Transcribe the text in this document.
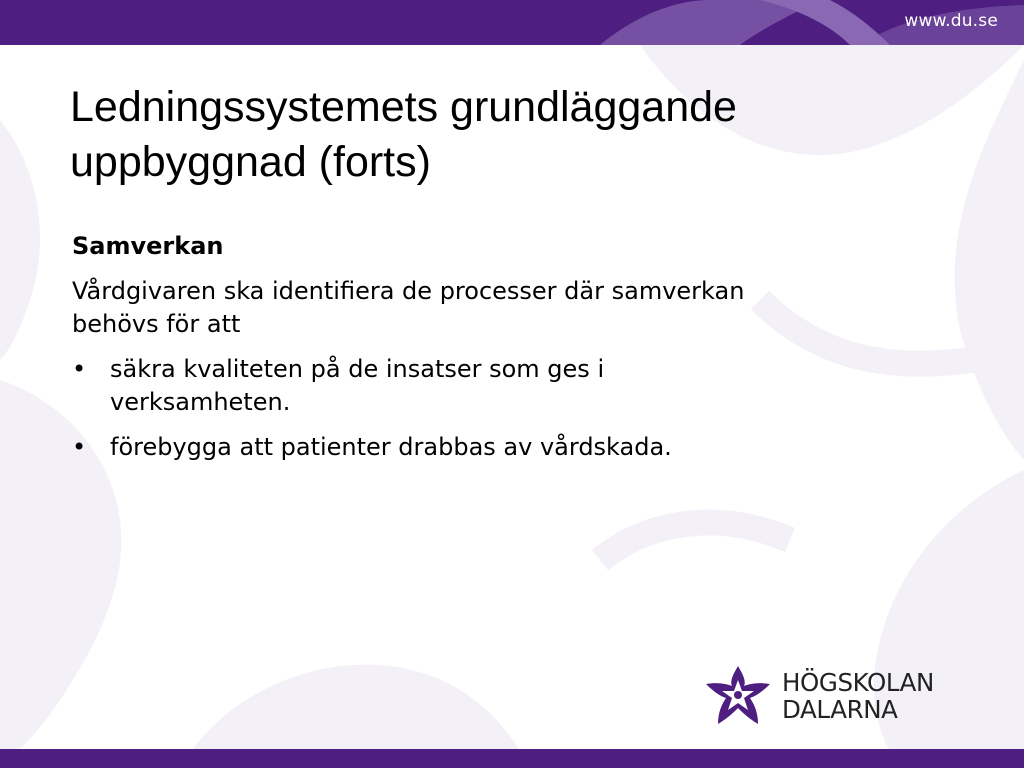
www.du.se
Ledningssystemets grundläggande
uppbyggnad (forts)
Samverkan
Vårdgivaren ska identifiera de processer där samverkan
behövs för att
• säkra kvaliteten på de insatser som ges i
verksamheten.
• förebygga att patienter drabbas av vårdskada.
HÖGSKOLAN
DALARNA
